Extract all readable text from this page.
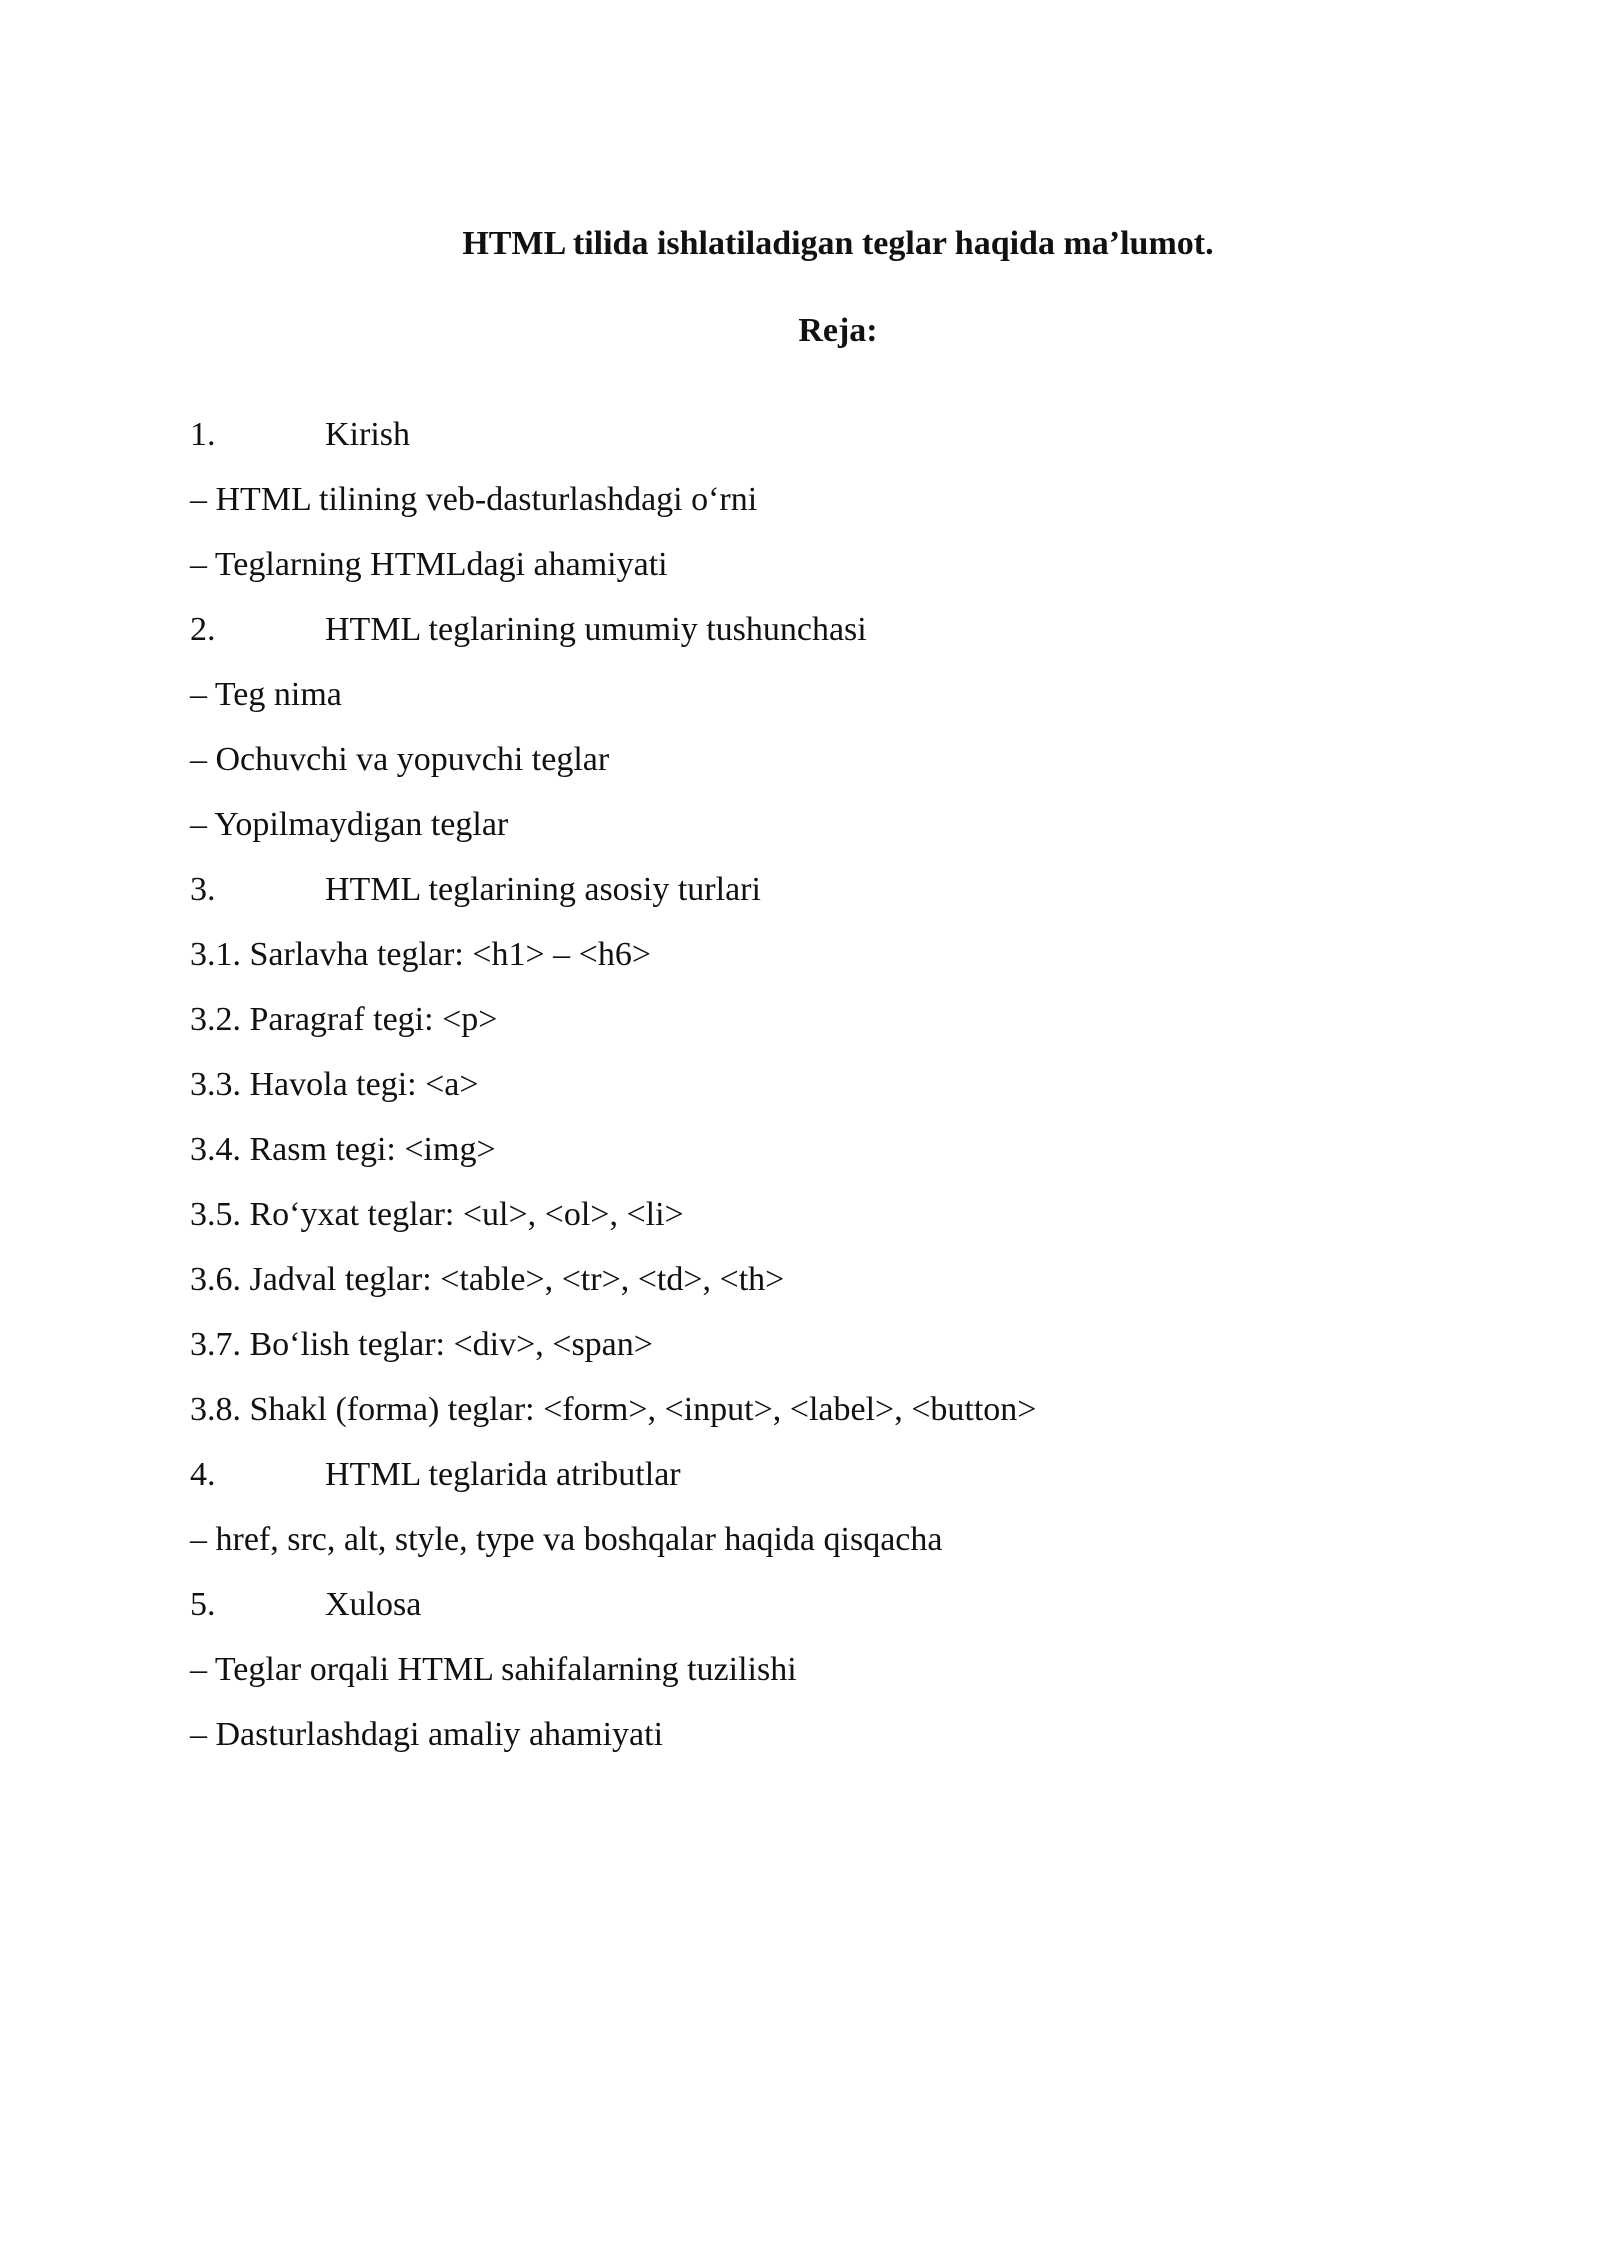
HTML tilida ishlatiladigan teglar haqida ma’lumot.
Reja:
1.	Kirish
– HTML tilining veb-dasturlashdagi o‘rni
– Teglarning HTMLdagi ahamiyati
2.	HTML teglarining umumiy tushunchasi
– Teg nima
– Ochuvchi va yopuvchi teglar
– Yopilmaydigan teglar
3.	HTML teglarining asosiy turlari
3.1. Sarlavha teglar: <h1> – <h6>
3.2. Paragraf tegi: <p>
3.3. Havola tegi: <a>
3.4. Rasm tegi: <img>
3.5. Ro‘yxat teglar: <ul>, <ol>, <li>
3.6. Jadval teglar: <table>, <tr>, <td>, <th>
3.7. Bo‘lish teglar: <div>, <span>
3.8. Shakl (forma) teglar: <form>, <input>, <label>, <button>
4.	HTML teglarida atributlar
– href, src, alt, style, type va boshqalar haqida qisqacha
5.	Xulosa
– Teglar orqali HTML sahifalarning tuzilishi
– Dasturlashdagi amaliy ahamiyati
